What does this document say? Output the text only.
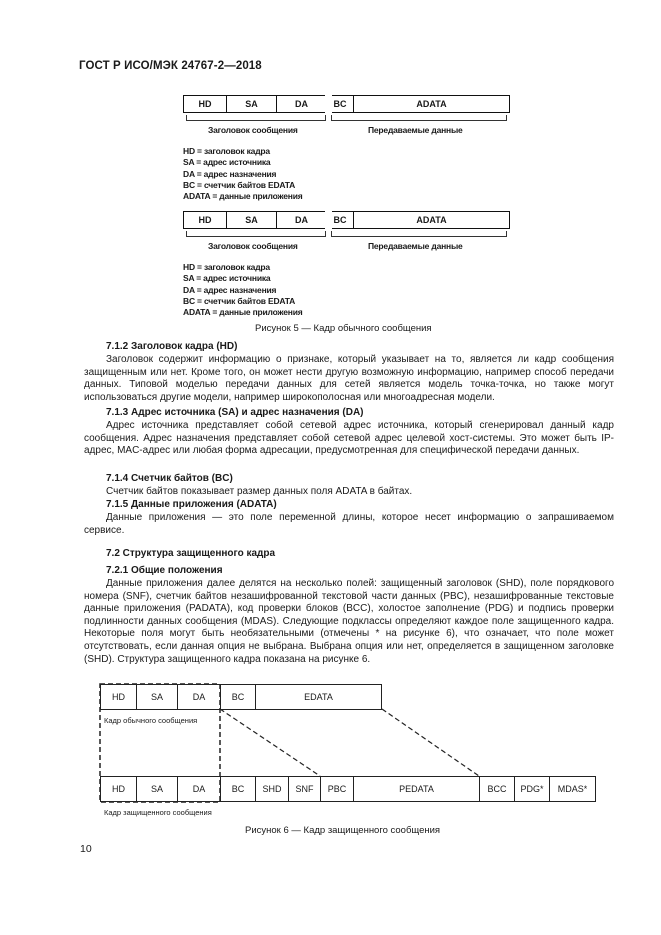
ГОСТ Р ИСО/МЭК 24767-2—2018
HD	SA	DA	BC	ADATA
Заголовок сообщения	Передаваемые данные
HD = заголовок кадра
SA = адрес источника
DA = адрес назначения
BC = счетчик байтов EDATA
ADATA = данные приложения
HD	SA	DA	BC	ADATA
Заголовок сообщения	Передаваемые данные
HD = заголовок кадра
SA = адрес источника
DA = адрес назначения
BC = счетчик байтов EDATA
ADATA = данные приложения
Рисунок 5 — Кадр обычного сообщения
7.1.2 Заголовок кадра (HD)

Заголовок содержит информацию о признаке, который указывает на то, является ли кадр сообщения защищенным или нет. Кроме того, он может нести другую возможную информацию, например способ передачи данных. Типовой моделью передачи данных для сетей является модель точка-точка, но также могут использоваться другие модели, например широкополосная или многоадресная модели.

7.1.3 Адрес источника (SA) и адрес назначения (DA)

Адрес источника представляет собой сетевой адрес источника, который сгенерировал данный кадр сообщения. Адрес назначения представляет собой сетевой адрес целевой хост-системы. Это может быть IP-адрес, MAC-адрес или любая форма адресации, предусмотренная для специфической передачи данных.

7.1.4 Счетчик байтов (BC)

Счетчик байтов показывает размер данных поля ADATA в байтах.

7.1.5 Данные приложения (ADATA)

Данные приложения — это поле переменной длины, которое несет информацию о запрашиваемом сервисе.

7.2 Структура защищенного кадра
7.2.1 Общие положения

Данные приложения далее делятся на несколько полей: защищенный заголовок (SHD), поле порядкового номера (SNF), счетчик байтов незашифрованной текстовой части данных (PBC), незашифрованные текстовые данные приложения (PADATA), код проверки блоков (BCC), холостое заполнение (PDG) и подпись проверки подлинности данных сообщения (MDAS). Следующие подклассы определяют каждое поле защищенного кадра. Некоторые поля могут быть необязательными (отмечены * на рисунке 6), что означает, что поле может отсутствовать, если данная опция не выбрана. Выбрана опция или нет, определяется в защищенном заголовке (SHD). Структура защищенного кадра показана на рисунке 6.

HD	SA	DA	BC	EDATA
Кадр обычного сообщения
HD	SA	DA	BC	SHD	SNF	PBC	PEDATA	BCC	PDG*	MDAS*
Кадр защищенного сообщения
Рисунок 6 — Кадр защищенного сообщения
10
